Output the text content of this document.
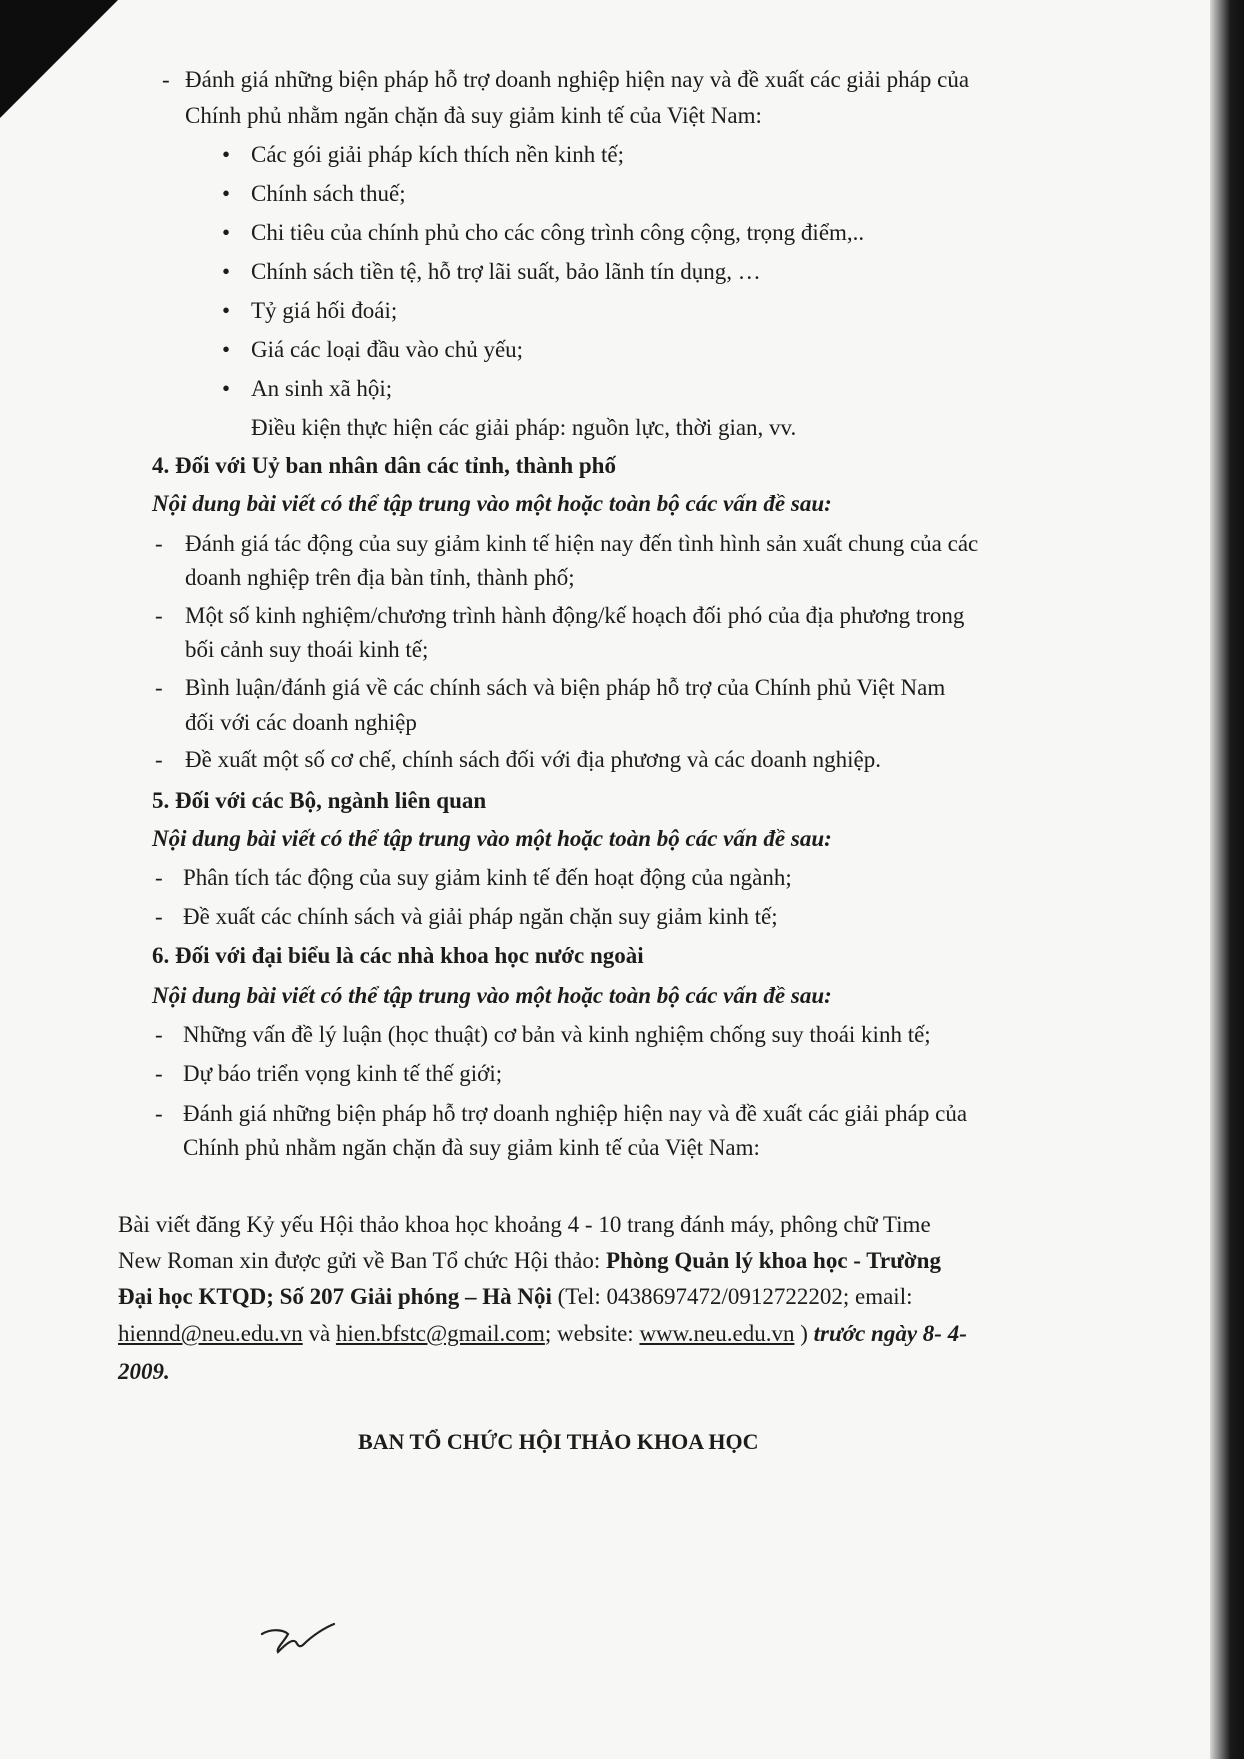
- Đánh giá những biện pháp hỗ trợ doanh nghiệp hiện nay và đề xuất các giải pháp của
Chính phủ nhằm ngăn chặn đà suy giảm kinh tế của Việt Nam:
• Các gói giải pháp kích thích nền kinh tế;
• Chính sách thuế;
• Chi tiêu của chính phủ cho các công trình công cộng, trọng điểm,..
• Chính sách tiền tệ, hỗ trợ lãi suất, bảo lãnh tín dụng, …
• Tỷ giá hối đoái;
• Giá các loại đầu vào chủ yếu;
• An sinh xã hội;
Điều kiện thực hiện các giải pháp: nguồn lực, thời gian, vv.
4. Đối với Uỷ ban nhân dân các tỉnh, thành phố
Nội dung bài viết có thể tập trung vào một hoặc toàn bộ các vấn đề sau:
- Đánh giá tác động của suy giảm kinh tế hiện nay đến tình hình sản xuất chung của các
doanh nghiệp trên địa bàn tỉnh, thành phố;
- Một số kinh nghiệm/chương trình hành động/kế hoạch đối phó của địa phương trong
bối cảnh suy thoái kinh tế;
- Bình luận/đánh giá về các chính sách và biện pháp hỗ trợ của Chính phủ Việt Nam
đối với các doanh nghiệp
- Đề xuất một số cơ chế, chính sách đối với địa phương và các doanh nghiệp.
5. Đối với các Bộ, ngành liên quan
Nội dung bài viết có thể tập trung vào một hoặc toàn bộ các vấn đề sau:
- Phân tích tác động của suy giảm kinh tế đến hoạt động của ngành;
- Đề xuất các chính sách và giải pháp ngăn chặn suy giảm kinh tế;
6. Đối với đại biểu là các nhà khoa học nước ngoài
Nội dung bài viết có thể tập trung vào một hoặc toàn bộ các vấn đề sau:
- Những vấn đề lý luận (học thuật) cơ bản và kinh nghiệm chống suy thoái kinh tế;
- Dự báo triển vọng kinh tế thế giới;
- Đánh giá những biện pháp hỗ trợ doanh nghiệp hiện nay và đề xuất các giải pháp của
Chính phủ nhằm ngăn chặn đà suy giảm kinh tế của Việt Nam:
Bài viết đăng Kỷ yếu Hội thảo khoa học khoảng 4 - 10 trang đánh máy, phông chữ Time
New Roman xin được gửi về Ban Tổ chức Hội thảo: Phòng Quản lý khoa học - Trường
Đại học KTQD; Số 207 Giải phóng – Hà Nội (Tel: 0438697472/0912722202; email:
hiennd@neu.edu.vn và hien.bfstc@gmail.com; website: www.neu.edu.vn ) trước ngày 8- 4-
2009.
BAN TỔ CHỨC HỘI THẢO KHOA HỌC
